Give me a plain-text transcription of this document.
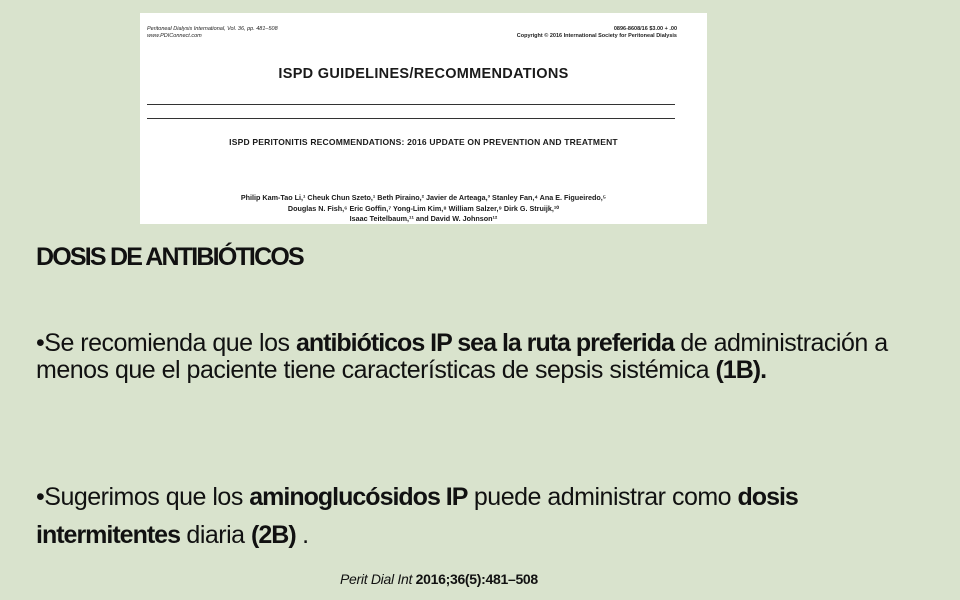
Peritoneal Dialysis International, Vol. 36, pp. 481–508
www.PDIConnect.com
0896-8608/16 $3.00 + .00
Copyright © 2016 International Society for Peritoneal Dialysis
ISPD GUIDELINES/RECOMMENDATIONS
ISPD PERITONITIS RECOMMENDATIONS: 2016 UPDATE ON PREVENTION AND TREATMENT
Philip Kam-Tao Li,¹ Cheuk Chun Szeto,¹ Beth Piraino,² Javier de Arteaga,³ Stanley Fan,⁴ Ana E. Figueiredo,⁵
Douglas N. Fish,⁶ Eric Goffin,⁷ Yong-Lim Kim,⁸ William Salzer,⁹ Dirk G. Struijk,¹⁰
Isaac Teitelbaum,¹¹ and David W. Johnson¹²
DOSIS DE ANTIBIÓTICOS

•Se recomienda que los antibióticos IP sea la ruta preferida de administración a menos que el paciente tiene características de sepsis sistémica (1B).

•Sugerimos que los aminoglucósidos IP puede administrar como dosis intermitentes diaria (2B) .

Perit Dial Int 2016;36(5):481–508
